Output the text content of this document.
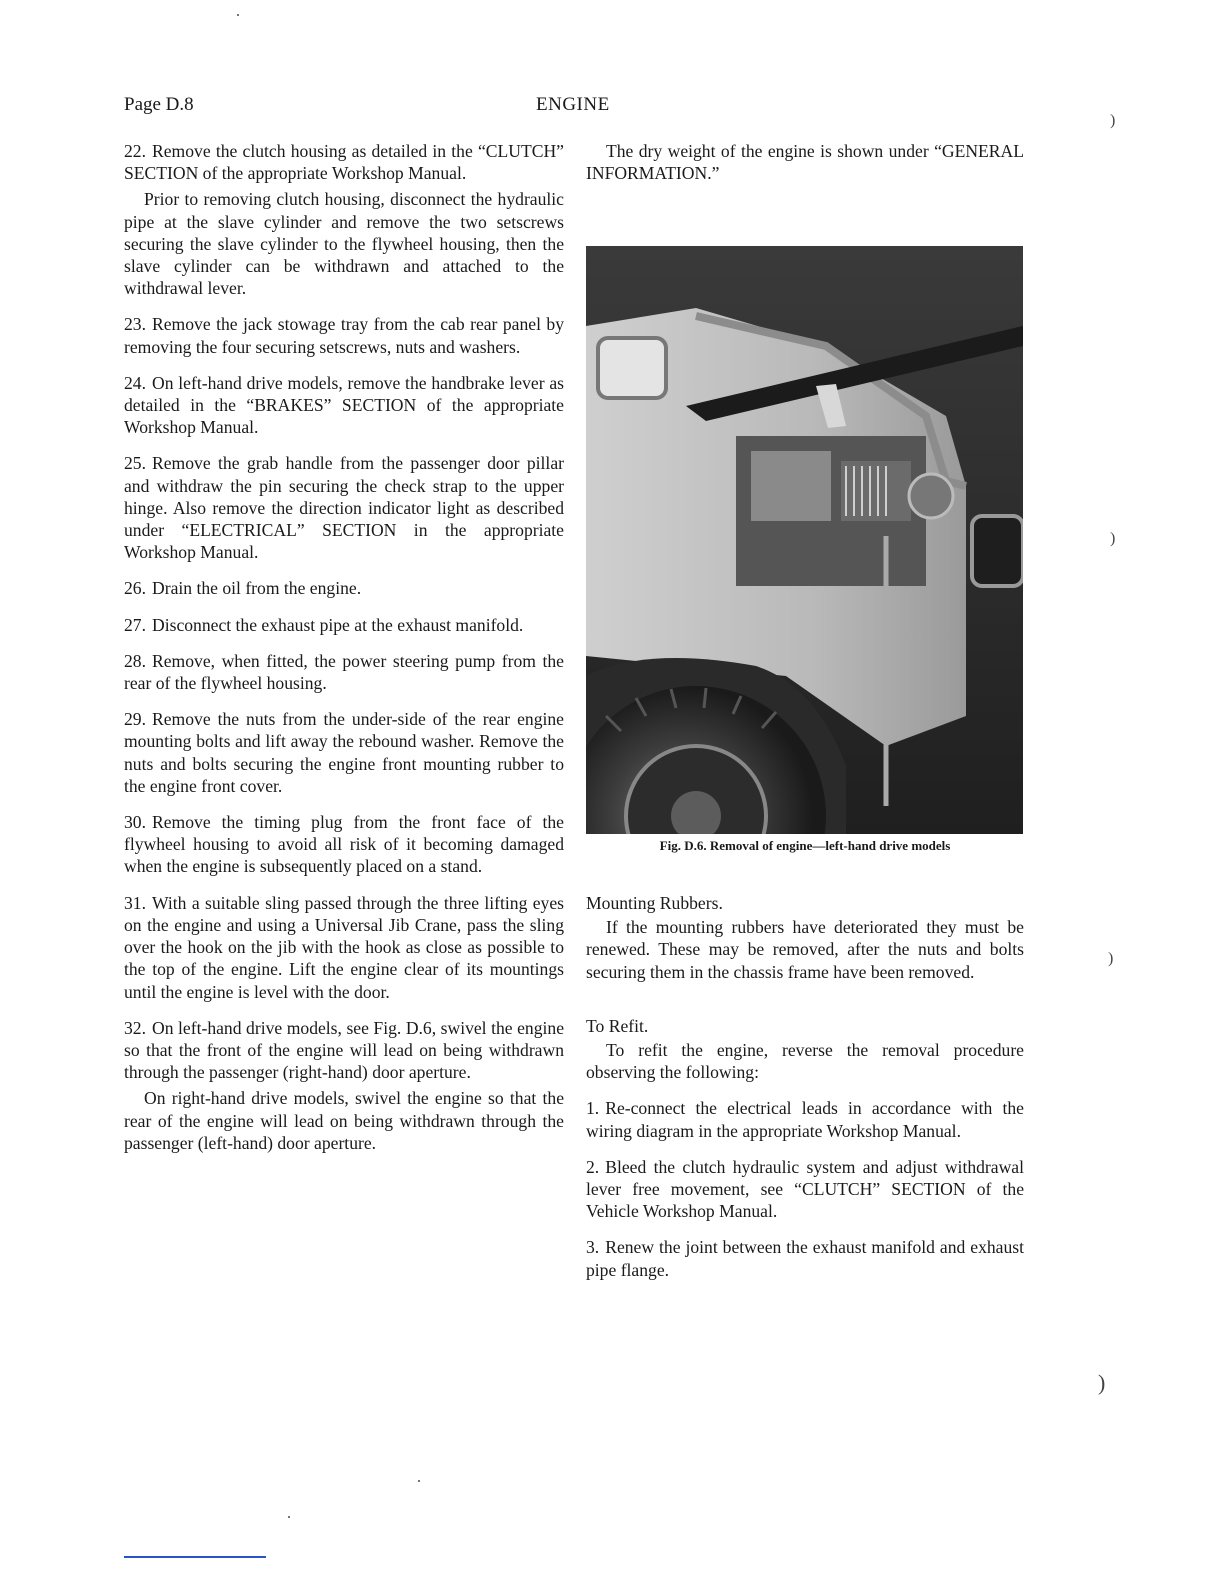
Page D.8	ENGINE

22. Remove the clutch housing as detailed in the “CLUTCH” SECTION of the appropriate Workshop Manual.

Prior to removing clutch housing, disconnect the hydraulic pipe at the slave cylinder and remove the two setscrews securing the slave cylinder to the flywheel housing, then the slave cylinder can be withdrawn and attached to the withdrawal lever.

23. Remove the jack stowage tray from the cab rear panel by removing the four securing setscrews, nuts and washers.

24. On left-hand drive models, remove the handbrake lever as detailed in the “BRAKES” SECTION of the appropriate Workshop Manual.

25. Remove the grab handle from the passenger door pillar and withdraw the pin securing the check strap to the upper hinge. Also remove the direction indicator light as described under “ELECTRICAL” SECTION in the appropriate Workshop Manual.

26. Drain the oil from the engine.

27. Disconnect the exhaust pipe at the exhaust manifold.

28. Remove, when fitted, the power steering pump from the rear of the flywheel housing.

29. Remove the nuts from the under-side of the rear engine mounting bolts and lift away the rebound washer. Remove the nuts and bolts securing the engine front mounting rubber to the engine front cover.

30. Remove the timing plug from the front face of the flywheel housing to avoid all risk of it becoming damaged when the engine is subsequently placed on a stand.

31. With a suitable sling passed through the three lifting eyes on the engine and using a Universal Jib Crane, pass the sling over the hook on the jib with the hook as close as possible to the top of the engine. Lift the engine clear of its mountings until the engine is level with the door.

32. On left-hand drive models, see Fig. D.6, swivel the engine so that the front of the engine will lead on being withdrawn through the passenger (right-hand) door aperture.

On right-hand drive models, swivel the engine so that the rear of the engine will lead on being withdrawn through the passenger (left-hand) door aperture.

The dry weight of the engine is shown under “GENERAL INFORMATION.”

Fig. D.6. Removal of engine—left-hand drive models

Mounting Rubbers.

If the mounting rubbers have deteriorated they must be renewed. These may be removed, after the nuts and bolts securing them in the chassis frame have been removed.

To Refit.

To refit the engine, reverse the removal procedure observing the following:

1. Re-connect the electrical leads in accordance with the wiring diagram in the appropriate Workshop Manual.

2. Bleed the clutch hydraulic system and adjust withdrawal lever free movement, see “CLUTCH” SECTION of the Vehicle Workshop Manual.

3. Renew the joint between the exhaust manifold and exhaust pipe flange.

)
)
)
)
